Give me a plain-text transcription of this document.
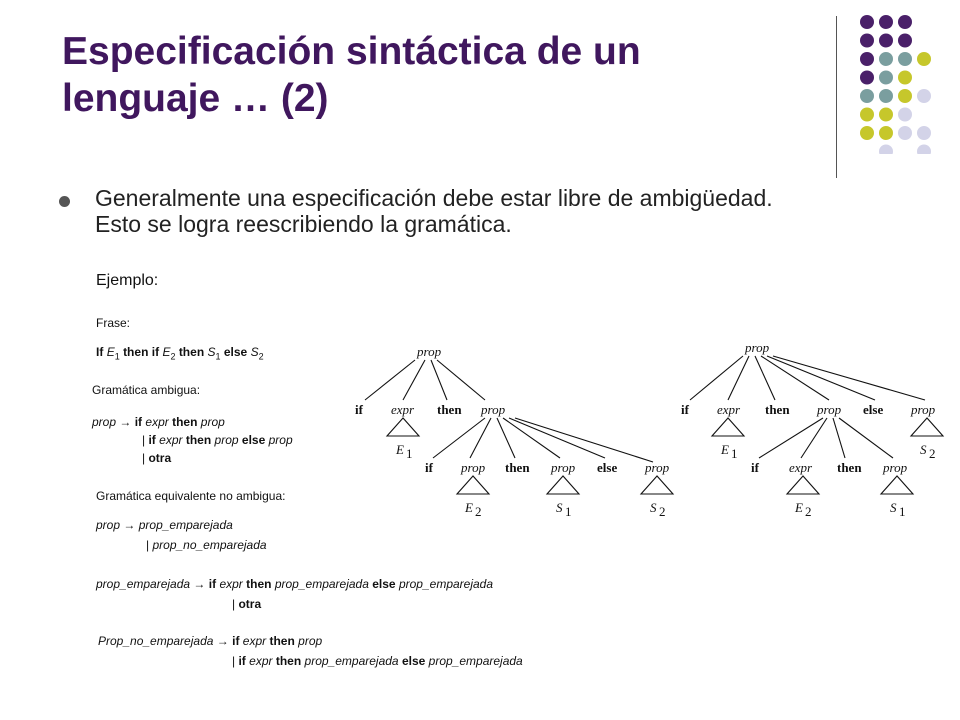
Especificación sintáctica de un lenguaje … (2)
Generalmente una especificación debe estar libre de ambigüedad. Esto se logra reescribiendo la gramática.
Ejemplo:
Frase:
If $E_1$ then if $E_2$ then $S_1$ else $S_2$
Gramática ambigua:
prop → if expr then prop
| if expr then prop else prop
| otra
Gramática equivalente no ambigua:
prop → prop_emparejada
| prop_no_emparejada
prop_emparejada → if expr then prop_emparejada else prop_emparejada
| otra
Prop_no_emparejada → if expr then prop
| if expr then prop_emparejada else prop_emparejada
prop
if expr then prop
E 1
if prop then prop else prop
E 2	S 1	S 2
prop
if expr then prop else prop
E 1	S 2
if expr then prop
E 2	S 1
